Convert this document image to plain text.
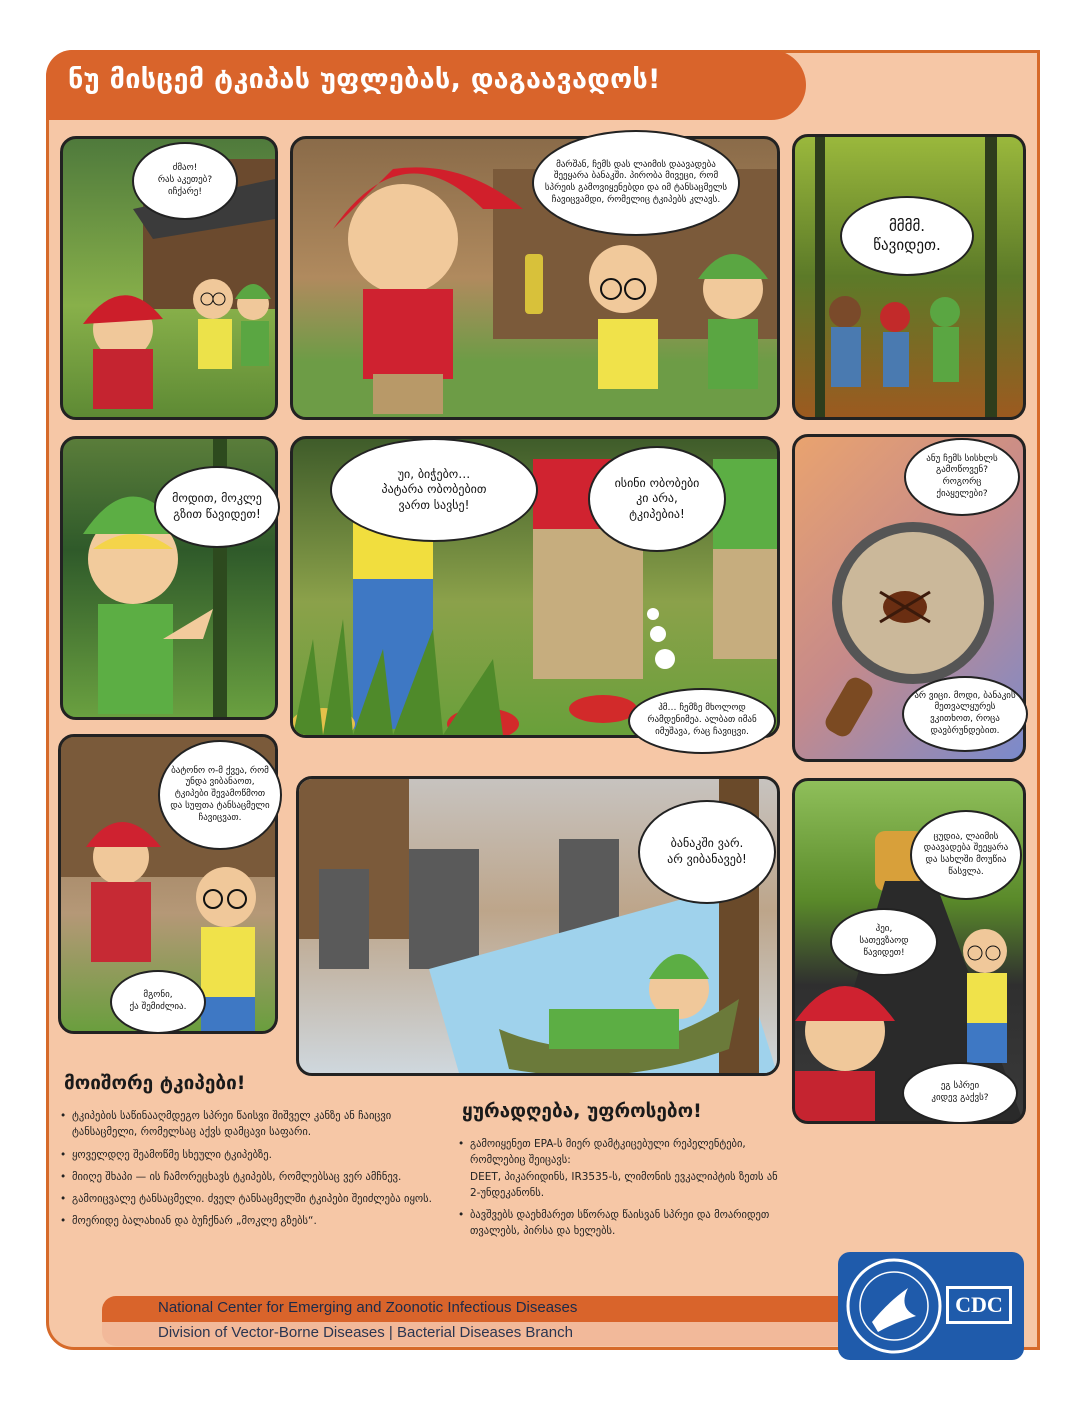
ნუ მისცემ ტკიპას უფლებას, დაგაავადოს!
ძმაო!
რას აკეთებ?
იჩქარე!
მარშან, ჩემს დას ლაიმის დაავადება შეეყარა ბანაკში. პირობა მივეცი, რომ სპრეის გამოვიყენებდი და იმ ტანსაცმელს ჩავიცვამდი, რომელიც ტკიპებს კლავს.
მმმმ.
წავიდეთ.
მოდით, მოკლე
გზით წავიდეთ!
უი, ბიჭებო…
პატარა ობობებით
ვართ სავსე!
ისინი ობობები
კი არა,
ტკიპებია!
ჰმ… ჩემზე მხოლოდ რამდენიმეა. ალბათ იმან იმუშავა, რაც ჩავიცვი.
ანუ ჩემს სისხლს გამოწოვენ? როგორც ქიაყელები?
არ ვიცი. მოდი, ბანაკის მეთვალყურეს ვკითხოთ, როცა დავბრუნდებით.
ბატონო ო-მ ქვეა, რომ უნდა ვიბანაოთ, ტკიპები შევამოწმოთ და სუფთა ტანსაცმელი ჩავიცვათ.
მგონი,
ქა შემიძლია.
ბანაკში ვარ.
არ ვიბანავებ!
ცუდია, ლაიმის დაავადება შეეყარა და სახლში მოუწია წასვლა.
ჰეი,
სათევზაოდ
წავიდეთ!
ეგ სპრეი
კიდევ გაქვს?
მოიშორე ტკიპები!
• ტკიპების საწინააღმდეგო სპრეი წაისვი შიშველ კანზე ან ჩაიცვი ტანსაცმელი, რომელსაც აქვს დამცავი საფარი.
• ყოველდღე შეამოწმე სხეული ტკიპებზე.
• მიიღე შხაპი — ის ჩამორეცხავს ტკიპებს, რომლებსაც ვერ ამჩნევ.
• გამოიცვალე ტანსაცმელი. ძველ ტანსაცმელში ტკიპები შეიძლება იყოს.
• მოერიდე ბალახიან და ბუჩქნარ „მოკლე გზებს“.
ყურადღება, უფროსებო!
• გამოიყენეთ EPA-ს მიერ დამტკიცებული რეპელენტები, რომლებიც შეიცავს:
DEET, პიკარიდინს, IR3535-ს, ლიმონის ევკალიპტის ზეთს ან 2-უნდეკანონს.
• ბავშვებს დაეხმარეთ სწორად წაისვან სპრეი და მოარიდეთ თვალებს, პირსა და ხელებს.
National Center for Emerging and Zoonotic Infectious Diseases
Division of Vector-Borne Diseases | Bacterial Diseases Branch
CDC
